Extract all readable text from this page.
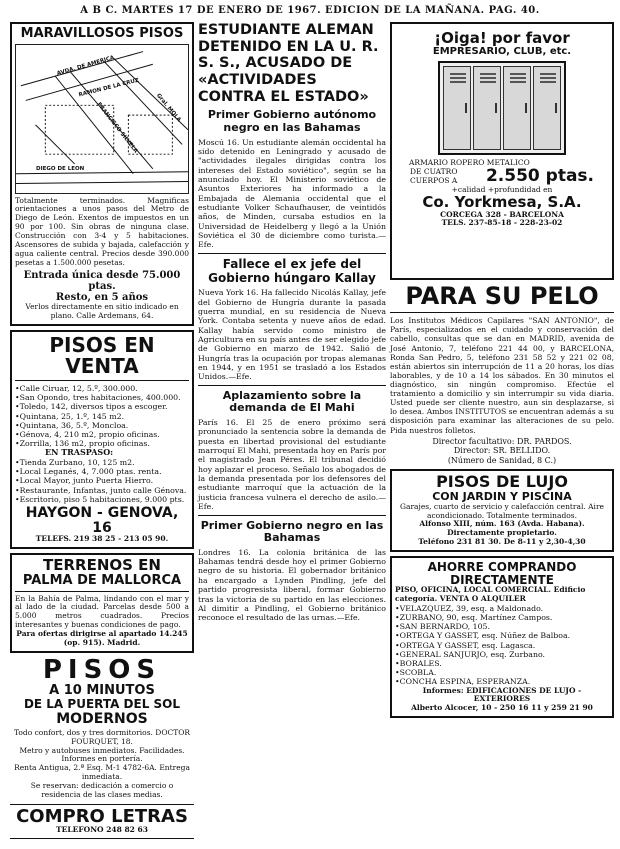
A B C. MARTES 17 DE ENERO DE 1967. EDICION DE LA MAÑANA. PAG. 40.
MARAVILLOSOS PISOS
AVDA. DE AMERICA
RAMON DE LA CRUZ
FRANCISCO SILVELA
DIEGO DE LEON
Gral. MOLA
Totalmente terminados. Magnificas orientaciones a unos pasos del Metro de Diego de León. Exentos de impuestos en un 90 por 100. Sin obras de ninguna clase. Construcción con 3-4 y 5 habitaciones. Ascensores de subida y bajada, calefacción y agua caliente central. Precios desde 390.000 pesetas a 1.500.000 pesetas.
Entrada única desde 75.000 ptas.
Resto, en 5 años
Verlos directamente en sitio indicado en plano. Calle Ardemans, 64.
PISOS EN VENTA
• Calle Ciruar, 12, 5.º, 300.000.
• San Opondo, tres habitaciones, 400.000.
• Toledo, 142, diversos tipos a escoger.
• Quintana, 25, 1.º, 145 m2.
• Quintana, 36, 5.º, Moncloa.
• Génova, 4, 210 m2, propio oficinas.
• Zorrilla, 136 m2, propio oficinas.
EN TRASPASO:
• Tienda Zurbano, 10, 125 m2.
• Local Leganés, 4, 7.000 ptas. renta.
• Local Mayor, junto Puerta Hierro.
• Restaurante, Infantas, junto calle Génova.
• Escritorio, piso 5 habitaciones, 9.000 pts.
HAYGON - GENOVA, 16
TELEFS. 219 38 25 - 213 05 90.
TERRENOS EN
PALMA DE MALLORCA
En la Bahía de Palma, lindando con el mar y al lado de la ciudad. Parcelas desde 500 a 5.000 metros cuadrados. Precios interesantes y buenas condiciones de pago.
Para ofertas dirigirse al apartado 14.245 (op. 915). Madrid.
PISOS
A 10 MINUTOS
DE LA PUERTA DEL SOL
MODERNOS
Todo confort, dos y tres dormitorios. DOCTOR FOURQUET, 18.
Metro y autobuses inmediatos. Facilidades. Informes en portería.
Renta Antigua, 2.ª Esq. M-1 4782-6A. Entrega inmediata.
Se reservan: dedicación a comercio o residencia de las clases medias.
COMPRO LETRAS
TELEFONO 248 82 63
ESTUDIANTE ALEMAN DETENIDO EN LA U. R. S. S., ACUSADO DE «ACTIVIDADES CONTRA EL ESTADO»
Primer Gobierno autónomo negro en las Bahamas
Moscú 16. Un estudiante alemán occidental ha sido detenido en Leningrado y acusado de "actividades ilegales dirigidas contra los intereses del Estado soviético", según se ha anunciado hoy. El Ministerio soviético de Asuntos Exteriores ha informado a la Embajada de Alemania occidental que el estudiante Volker Schaufhauser, de veintidós años, de Minden, cursaba estudios en la Universidad de Heidelberg y llegó a la Unión Soviética el 30 de diciembre como turista.—Efe.
Fallece el ex jefe del Gobierno húngaro Kallay
Nueva York 16. Ha fallecido Nicolás Kallay, jefe del Gobierno de Hungría durante la pasada guerra mundial, en su residencia de Nueva York. Contaba setenta y nueve años de edad. Kallay había servido como ministro de Agricultura en su país antes de ser elegido jefe de Gobierno en marzo de 1942. Salió de Hungría tras la ocupación por tropas alemanas en 1944, y en 1951 se trasladó a los Estados Unidos.—Efe.
Aplazamiento sobre la demanda de El Mahi
París 16. El 25 de enero próximo será pronunciado la sentencia sobre la demanda de puesta en libertad provisional del estudiante marroquí El Mahi, presentada hoy en París por el magistrado Jean Péres. El tribunal decidió hoy aplazar el proceso. Señalo los abogados de la demanda presentada por los defensores del estudiante marroquí que la actuación de la justicia francesa vulnera el derecho de asilo.—Efe.
Primer Gobierno negro en las Bahamas
Londres 16. La colonia británica de las Bahamas tendrá desde hoy el primer Gobierno negro de su historia. El gobernador británico ha encargado a Lynden Pindling, jefe del partido progresista liberal, formar Gobierno tras la victoria de su partido en las elecciones. Al dimitir a Pindling, el Gobierno británico reconoce el resultado de las urnas.—Efe.
¡Oiga! por favor
EMPRESARIO, CLUB, etc.
ARMARIO ROPERO METALICO
DE CUATRO CUERPOS A	2.550 ptas.
+calidad +profundidad en
Co. Yorkmesa, S.A.
CORCEGA 328 - BARCELONA
TELS. 237-85-18 - 228-23-02
PARA SU PELO
Los Institutos Médicos Capilares "SAN ANTONIO", de París, especializados en el cuidado y conservación del cabello, consultas que se dan en MADRID, avenida de José Antonio, 7, teléfono 221 44 00, y BARCELONA, Ronda San Pedro, 5, teléfono 231 58 52 y 221 02 08, están abiertos sin interrupción de 11 a 20 horas, los días laborables, y de 10 a 14 los sábados. En 30 minutos el diagnóstico, sin ningún compromiso. Efectúe el tratamiento a domicilio y sin interrumpir su vida diaria. Usted puede ser cliente nuestro, aun sin desplazarse, si lo desea. Ambos INSTITUTOS se encuentran además a su disposición para examinar las alteraciones de su pelo. Pida nuestros folletos.
Director facultativo: DR. PARDOS.
Director: SR. BELLIDO.
(Número de Sanidad, 8 C.)
PISOS DE LUJO
CON JARDIN Y PISCINA
Garajes, cuarto de servicio y calefacción central. Aire acondicionado. Totalmente terminados.
Alfonso XIII, núm. 163 (Avda. Habana). Directamente propietario.
Teléfono 231 81 30. De 8-11 y 2,30-4,30
AHORRE COMPRANDO
DIRECTAMENTE
PISO, OFICINA, LOCAL COMERCIAL. Edificio categoría. VENTA O ALQUILER
• VELAZQUEZ, 39, esq. a Maldonado.
• ZURBANO, 90, esq. Martínez Campos.
• SAN BERNARDO, 105.
• ORTEGA Y GASSET, esq. Núñez de Balboa.
• ORTEGA Y GASSET, esq. Lagasca.
• GENERAL SANJURJO, esq. Zurbano.
• BORALES.
• SCOBLA.
• CONCHA ESPINA, ESPERANZA.
Informes: EDIFICACIONES DE LUJO - EXTERIORES
Alberto Alcocer, 10 - 250 16 11 y 259 21 90
